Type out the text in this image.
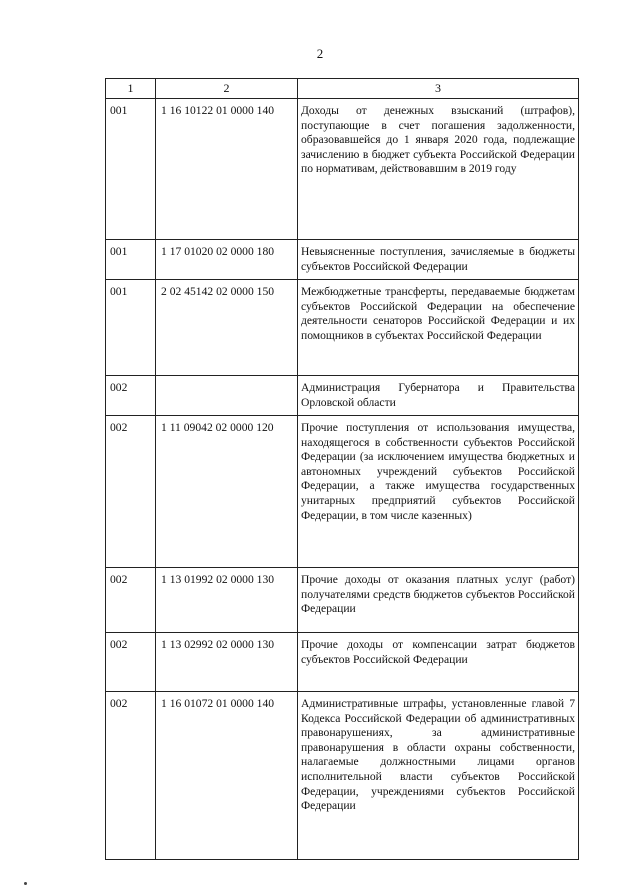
2
1	2	3
001	1 16 10122 01 0000 140	Доходы от денежных взысканий (штрафов), поступающие в счет погашения задолженности, образовавшейся до 1 января 2020 года, подлежащие зачислению в бюджет субъекта Российской Федерации по нормативам, действовавшим в 2019 году
001	1 17 01020 02 0000 180	Невыясненные поступления, зачисляемые в бюджеты субъектов Российской Федерации
001	2 02 45142 02 0000 150	Межбюджетные трансферты, передаваемые бюджетам субъектов Российской Федерации на обеспечение деятельности сенаторов Российской Федерации и их помощников в субъектах Российской Федерации
002		Администрация Губернатора и Правительства Орловской области
002	1 11 09042 02 0000 120	Прочие поступления от использования имущества, находящегося в собственности субъектов Российской Федерации (за исключением имущества бюджетных и автономных учреждений субъектов Российской Федерации, а также имущества государственных унитарных предприятий субъектов Российской Федерации, в том числе казенных)
002	1 13 01992 02 0000 130	Прочие доходы от оказания платных услуг (работ) получателями средств бюджетов субъектов Российской Федерации
002	1 13 02992 02 0000 130	Прочие доходы от компенсации затрат бюджетов субъектов Российской Федерации
002	1 16 01072 01 0000 140	Административные штрафы, установленные главой 7 Кодекса Российской Федерации об административных правонарушениях, за административные правонарушения в области охраны собственности, налагаемые должностными лицами органов исполнительной власти субъектов Российской Федерации, учреждениями субъектов Российской Федерации
